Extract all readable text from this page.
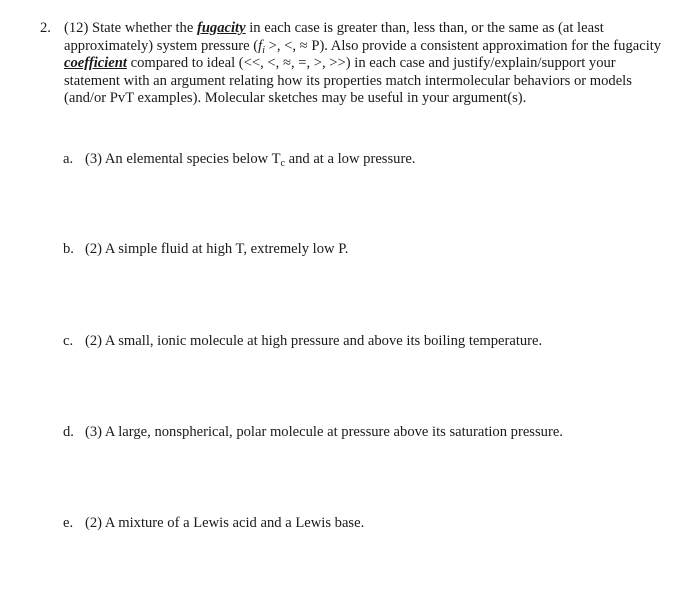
2. (12) State whether the fugacity in each case is greater than, less than, or the same as (at least approximately) system pressure ($f_i$ >, <, ≈ P). Also provide a consistent approximation for the fugacity coefficient compared to ideal (<<, <, ≈, =, >, >>) in each case and justify/explain/support your statement with an argument relating how its properties match intermolecular behaviors or models (and/or PvT examples). Molecular sketches may be useful in your argument(s).
a. (3) An elemental species below $T_c$ and at a low pressure.
b. (2) A simple fluid at high T, extremely low P.
c. (2) A small, ionic molecule at high pressure and above its boiling temperature.
d. (3) A large, nonspherical, polar molecule at pressure above its saturation pressure.
e. (2) A mixture of a Lewis acid and a Lewis base.
